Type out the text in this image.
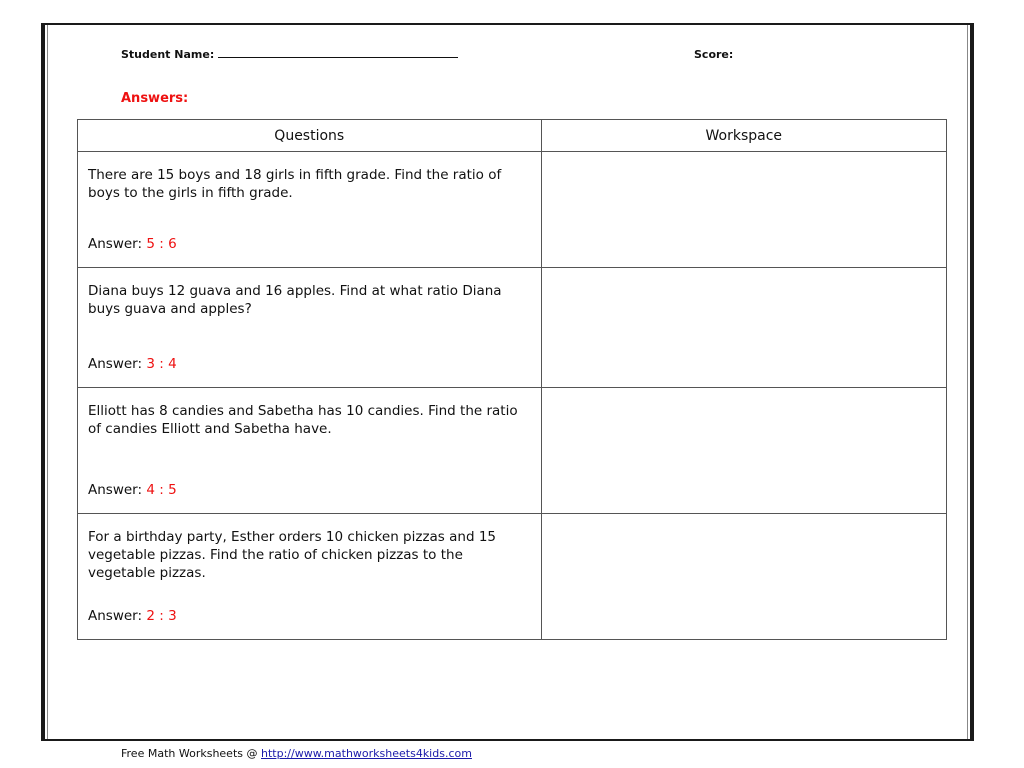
Student Name:	Score:
Answers:
Questions	Workspace

There are 15 boys and 18 girls in fifth grade. Find the ratio of boys to the girls in fifth grade.
Answer: 5 : 6	

Diana buys 12 guava and 16 apples. Find at what ratio Diana buys guava and apples?
Answer: 3 : 4	

Elliott has 8 candies and Sabetha has 10 candies. Find the ratio of candies Elliott and Sabetha have.
Answer: 4 : 5	

For a birthday party, Esther orders 10 chicken pizzas and 15 vegetable pizzas. Find the ratio of chicken pizzas to the vegetable pizzas.
Answer: 2 : 3	

Free Math Worksheets @ http://www.mathworksheets4kids.com
